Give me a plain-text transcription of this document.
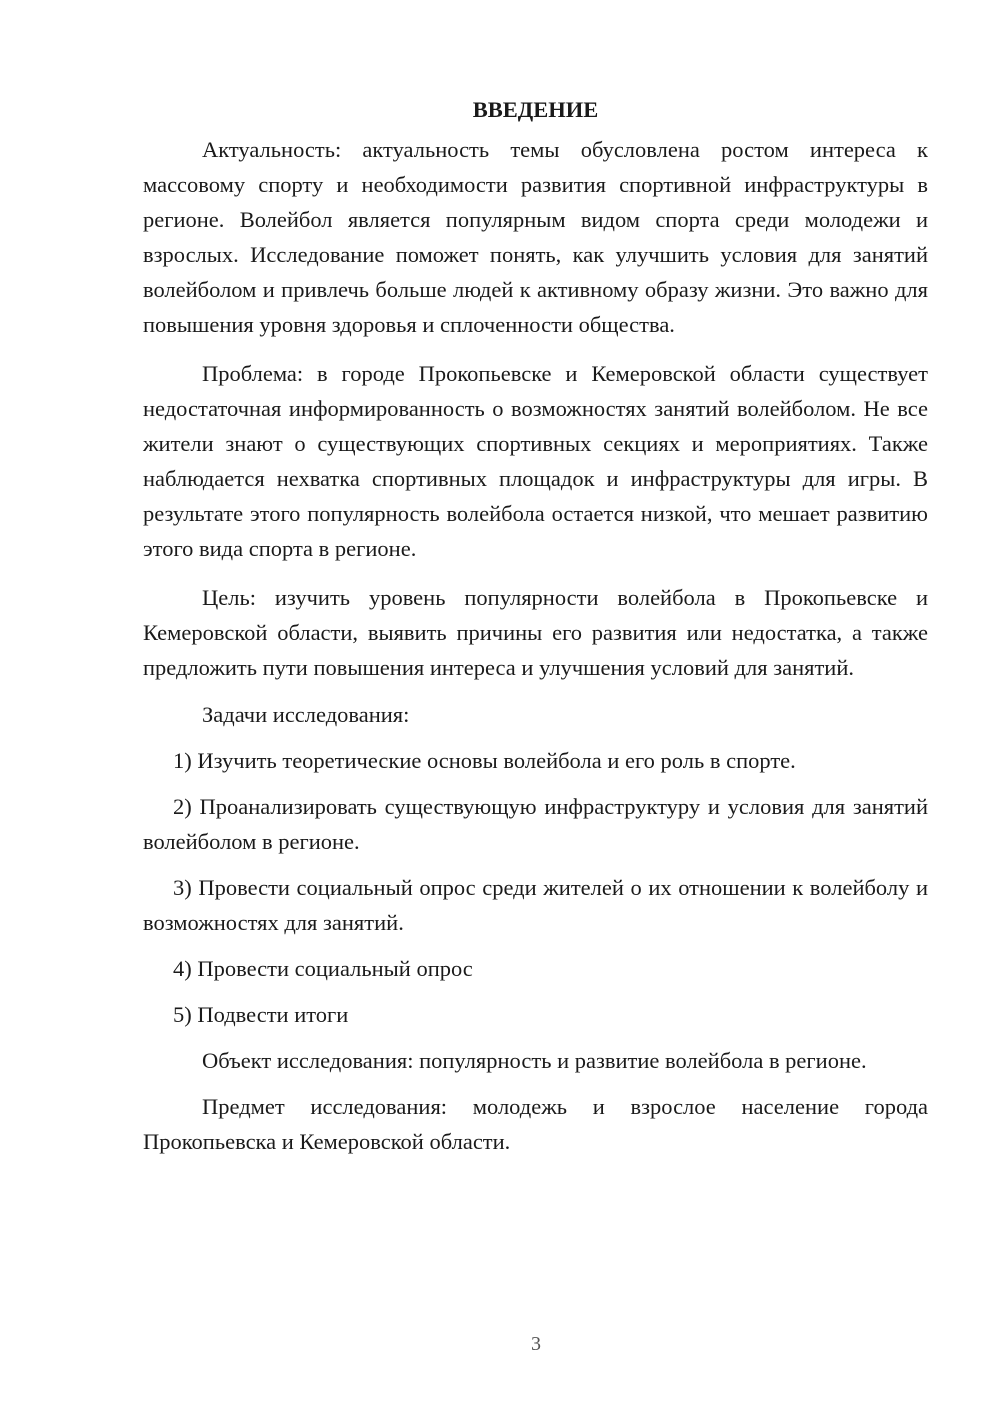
ВВЕДЕНИЕ

Актуальность: актуальность темы обусловлена ростом интереса к массовому спорту и необходимости развития спортивной инфраструктуры в регионе. Волейбол является популярным видом спорта среди молодежи и взрослых. Исследование поможет понять, как улучшить условия для занятий волейболом и привлечь больше людей к активному образу жизни. Это важно для повышения уровня здоровья и сплоченности общества.

Проблема: в городе Прокопьевске и Кемеровской области существует недостаточная информированность о возможностях занятий волейболом. Не все жители знают о существующих спортивных секциях и мероприятиях. Также наблюдается нехватка спортивных площадок и инфраструктуры для игры. В результате этого популярность волейбола остается низкой, что мешает развитию этого вида спорта в регионе.

Цель: изучить уровень популярности волейбола в Прокопьевске и Кемеровской области, выявить причины его развития или недостатка, а также предложить пути повышения интереса и улучшения условий для занятий.

Задачи исследования:

1) Изучить теоретические основы волейбола и его роль в спорте.

2) Проанализировать существующую инфраструктуру и условия для занятий волейболом в регионе.

3) Провести социальный опрос среди жителей о их отношении к волейболу и возможностях для занятий.

4) Провести социальный опрос

5) Подвести итоги

Объект исследования: популярность и развитие волейбола в регионе.

Предмет исследования: молодежь и взрослое население города Прокопьевска и Кемеровской области.

3
